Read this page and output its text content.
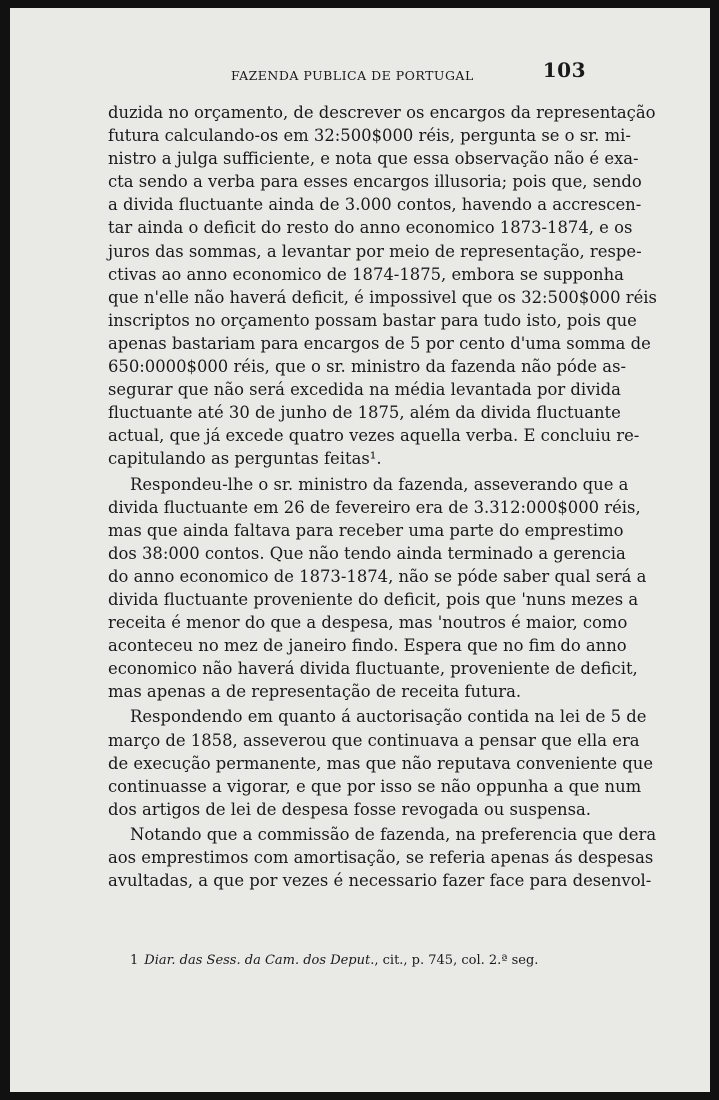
FAZENDA PUBLICA DE PORTUGAL	103
duzida no orçamento, de descrever os encargos da representação
futura calculando-os em 32:500$000 réis, pergunta se o sr. mi-
nistro a julga sufficiente, e nota que essa observação não é exa-
cta sendo a verba para esses encargos illusoria; pois que, sendo
a divida fluctuante ainda de 3.000 contos, havendo a accrescen-
tar ainda o deficit do resto do anno economico 1873-1874, e os
juros das sommas, a levantar por meio de representação, respe-
ctivas ao anno economico de 1874-1875, embora se supponha
que n'elle não haverá deficit, é impossivel que os 32:500$000 réis
inscriptos no orçamento possam bastar para tudo isto, pois que
apenas bastariam para encargos de 5 por cento d'uma somma de
650:0000$000 réis, que o sr. ministro da fazenda não póde as-
segurar que não será excedida na média levantada por divida
fluctuante até 30 de junho de 1875, além da divida fluctuante
actual, que já excede quatro vezes aquella verba. E concluiu re-
capitulando as perguntas feitas¹.
Respondeu-lhe o sr. ministro da fazenda, asseverando que a
divida fluctuante em 26 de fevereiro era de 3.312:000$000 réis,
mas que ainda faltava para receber uma parte do emprestimo
dos 38:000 contos. Que não tendo ainda terminado a gerencia
do anno economico de 1873-1874, não se póde saber qual será a
divida fluctuante proveniente do deficit, pois que 'nuns mezes a
receita é menor do que a despesa, mas 'noutros é maior, como
aconteceu no mez de janeiro findo. Espera que no fim do anno
economico não haverá divida fluctuante, proveniente de deficit,
mas apenas a de representação de receita futura.
Respondendo em quanto á auctorisação contida na lei de 5 de
março de 1858, asseverou que continuava a pensar que ella era
de execução permanente, mas que não reputava conveniente que
continuasse a vigorar, e que por isso se não oppunha a que num
dos artigos de lei de despesa fosse revogada ou suspensa.
Notando que a commissão de fazenda, na preferencia que dera
aos emprestimos com amortisação, se referia apenas ás despesas
avultadas, a que por vezes é necessario fazer face para desenvol-
1 Diar. das Sess. da Cam. dos Deput., cit., p. 745, col. 2.ª seg.
